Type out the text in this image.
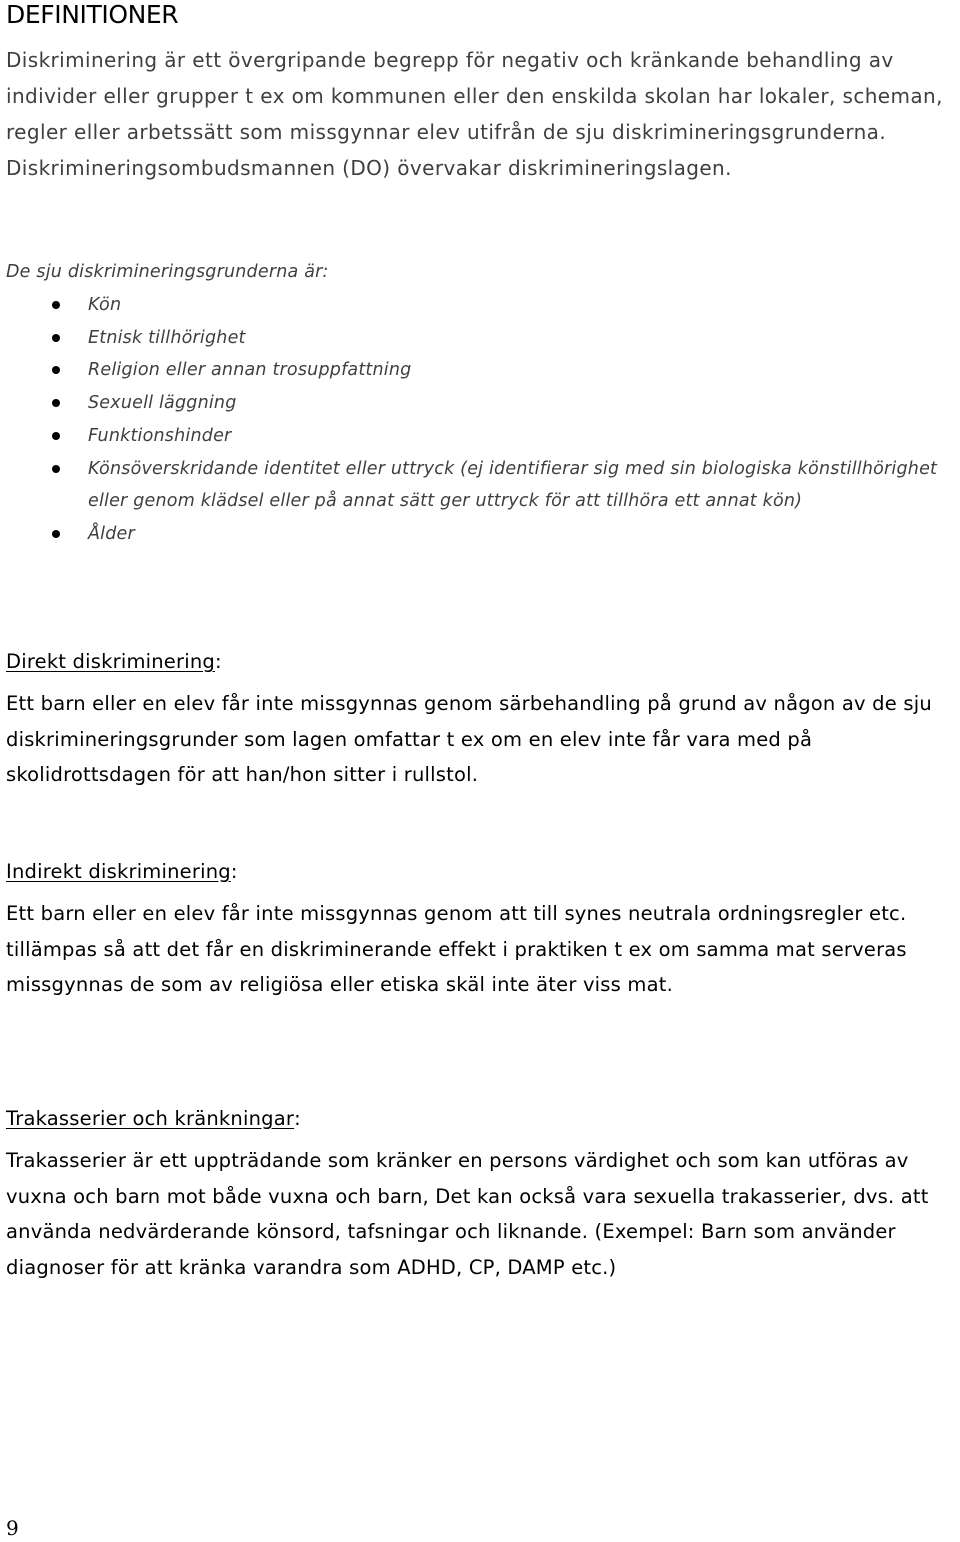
DEFINITIONER
Diskriminering är ett övergripande begrepp för negativ och kränkande behandling av individer eller grupper t ex om kommunen eller den enskilda skolan har lokaler, scheman, regler eller arbetssätt som missgynnar elev utifrån de sju diskrimineringsgrunderna. Diskrimineringsombudsmannen (DO) övervakar diskrimineringslagen.
De sju diskrimineringsgrunderna är:
Kön
Etnisk tillhörighet
Religion eller annan trosuppfattning
Sexuell läggning
Funktionshinder
Könsöverskridande identitet eller uttryck (ej identifierar sig med sin biologiska könstillhörighet eller genom klädsel eller på annat sätt ger uttryck för att tillhöra ett annat kön)
Ålder
Direkt diskriminering:
Ett barn eller en elev får inte missgynnas genom särbehandling på grund av någon av de sju diskrimineringsgrunder som lagen omfattar t ex om en elev inte får vara med på skolidrottsdagen för att han/hon sitter i rullstol.
Indirekt diskriminering:
Ett barn eller en elev får inte missgynnas genom att till synes neutrala ordningsregler etc. tillämpas så att det får en diskriminerande effekt i praktiken t ex om samma mat serveras missgynnas de som av religiösa eller etiska skäl inte äter viss mat.
Trakasserier och kränkningar:
Trakasserier är ett uppträdande som kränker en persons värdighet och som kan utföras av vuxna och barn mot både vuxna och barn, Det kan också vara sexuella trakasserier, dvs. att använda nedvärderande könsord, tafsningar och liknande. (Exempel: Barn som använder diagnoser för att kränka varandra som ADHD, CP, DAMP etc.)
9
